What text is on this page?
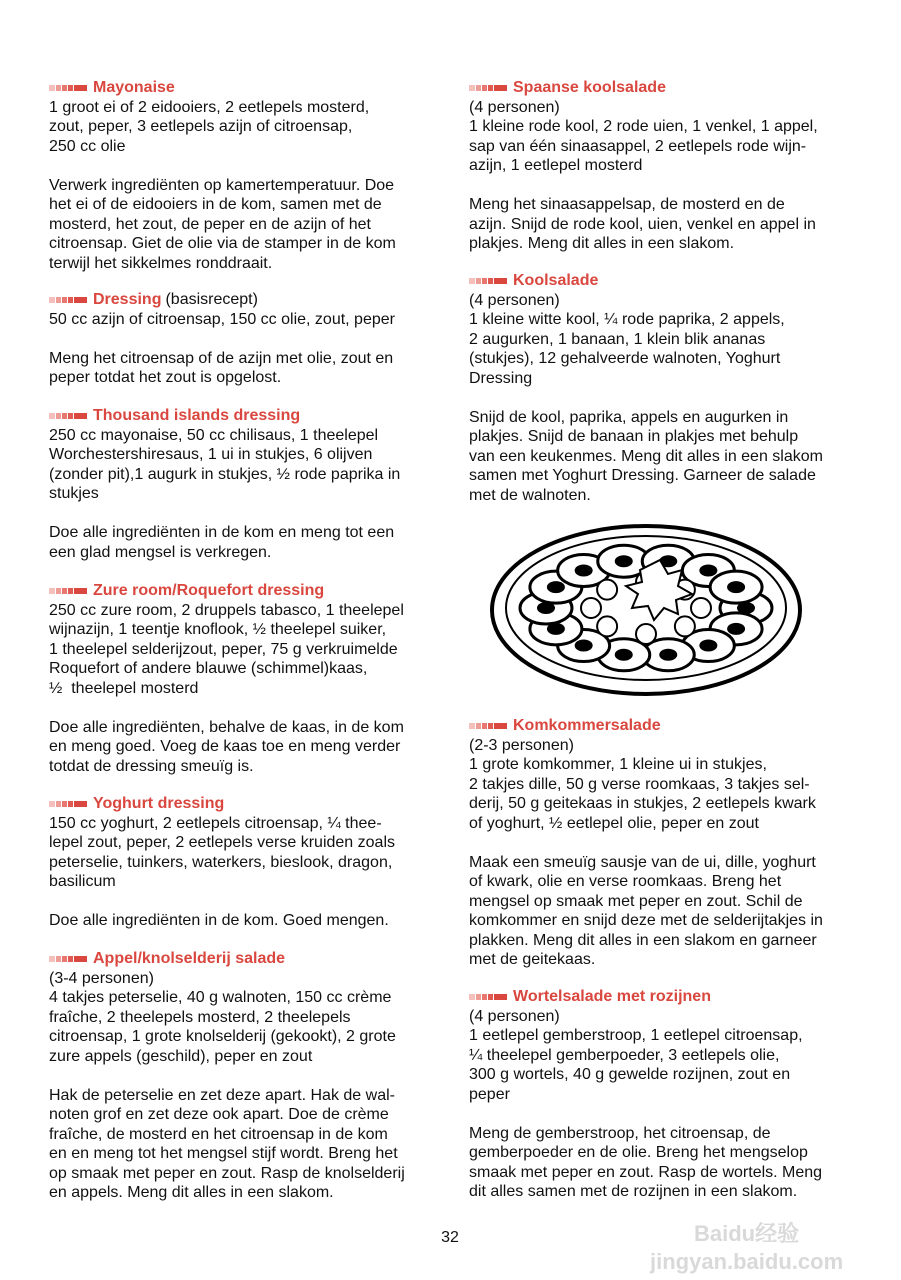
Mayonaise
1 groot ei of 2 eidooiers, 2 eetlepels mosterd,
zout, peper, 3 eetlepels azijn of citroensap,
250 cc olie
Verwerk ingrediënten op kamertemperatuur. Doe
het ei of de eidooiers in de kom, samen met de
mosterd, het zout, de peper en de azijn of het
citroensap. Giet de olie via de stamper in de kom
terwijl het sikkelmes ronddraait.
Dressing (basisrecept)
50 cc azijn of citroensap, 150 cc olie, zout, peper
Meng het citroensap of de azijn met olie, zout en
peper totdat het zout is opgelost.
Thousand islands dressing
250 cc mayonaise, 50 cc chilisaus, 1 theelepel
Worchestershiresaus, 1 ui in stukjes, 6 olijven
(zonder pit),1 augurk in stukjes, ½ rode paprika in
stukjes
Doe alle ingrediënten in de kom en meng tot een
een glad mengsel is verkregen.
Zure room/Roquefort dressing
250 cc zure room, 2 druppels tabasco, 1 theelepel
wijnazijn, 1 teentje knoflook, ½ theelepel suiker,
1 theelepel selderijzout, peper, 75 g verkruimelde
Roquefort of andere blauwe (schimmel)kaas,
½  theelepel mosterd
Doe alle ingrediënten, behalve de kaas, in de kom
en meng goed. Voeg de kaas toe en meng verder
totdat de dressing smeuïg is.
Yoghurt dressing
150 cc yoghurt, 2 eetlepels citroensap, ¼ thee-
lepel zout, peper, 2 eetlepels verse kruiden zoals
peterselie, tuinkers, waterkers, bieslook, dragon,
basilicum
Doe alle ingrediënten in de kom. Goed mengen.
Appel/knolselderij salade
(3-4 personen)
4 takjes peterselie, 40 g walnoten, 150 cc crème
fraîche, 2 theelepels mosterd, 2 theelepels
citroensap, 1 grote knolselderij (gekookt), 2 grote
zure appels (geschild), peper en zout
Hak de peterselie en zet deze apart. Hak de wal-
noten grof en zet deze ook apart. Doe de crème
fraîche, de mosterd en het citroensap in de kom
en en meng tot het mengsel stijf wordt. Breng het
op smaak met peper en zout. Rasp de knolselderij
en appels. Meng dit alles in een slakom.
Spaanse koolsalade
(4 personen)
1 kleine rode kool, 2 rode uien, 1 venkel, 1 appel,
sap van één sinaasappel, 2 eetlepels rode wijn-
azijn, 1 eetlepel mosterd
Meng het sinaasappelsap, de mosterd en de
azijn. Snijd de rode kool, uien, venkel en appel in
plakjes. Meng dit alles in een slakom.
Koolsalade
(4 personen)
1 kleine witte kool, ¼ rode paprika, 2 appels,
2 augurken, 1 banaan, 1 klein blik ananas
(stukjes), 12 gehalveerde walnoten, Yoghurt
Dressing
Snijd de kool, paprika, appels en augurken in
plakjes. Snijd de banaan in plakjes met behulp
van een keukenmes. Meng dit alles in een slakom
samen met Yoghurt Dressing. Garneer de salade
met de walnoten.
Komkommersalade
(2-3 personen)
1 grote komkommer, 1 kleine ui in stukjes,
2 takjes dille, 50 g verse roomkaas, 3 takjes sel-
derij, 50 g geitekaas in stukjes, 2 eetlepels kwark
of yoghurt, ½ eetlepel olie, peper en zout
Maak een smeuïg sausje van de ui, dille, yoghurt
of kwark, olie en verse roomkaas. Breng het
mengsel op smaak met peper en zout. Schil de
komkommer en snijd deze met de selderijtakjes in
plakken. Meng dit alles in een slakom en garneer
met de geitekaas.
Wortelsalade met rozijnen
(4 personen)
1 eetlepel gemberstroop, 1 eetlepel citroensap,
¼ theelepel gemberpoeder, 3 eetlepels olie,
300 g wortels, 40 g gewelde rozijnen, zout en
peper
Meng de gemberstroop, het citroensap, de
gemberpoeder en de olie. Breng het mengselop
smaak met peper en zout. Rasp de wortels. Meng
dit alles samen met de rozijnen in een slakom.
32	Baidu经验
jingyan.baidu.com
